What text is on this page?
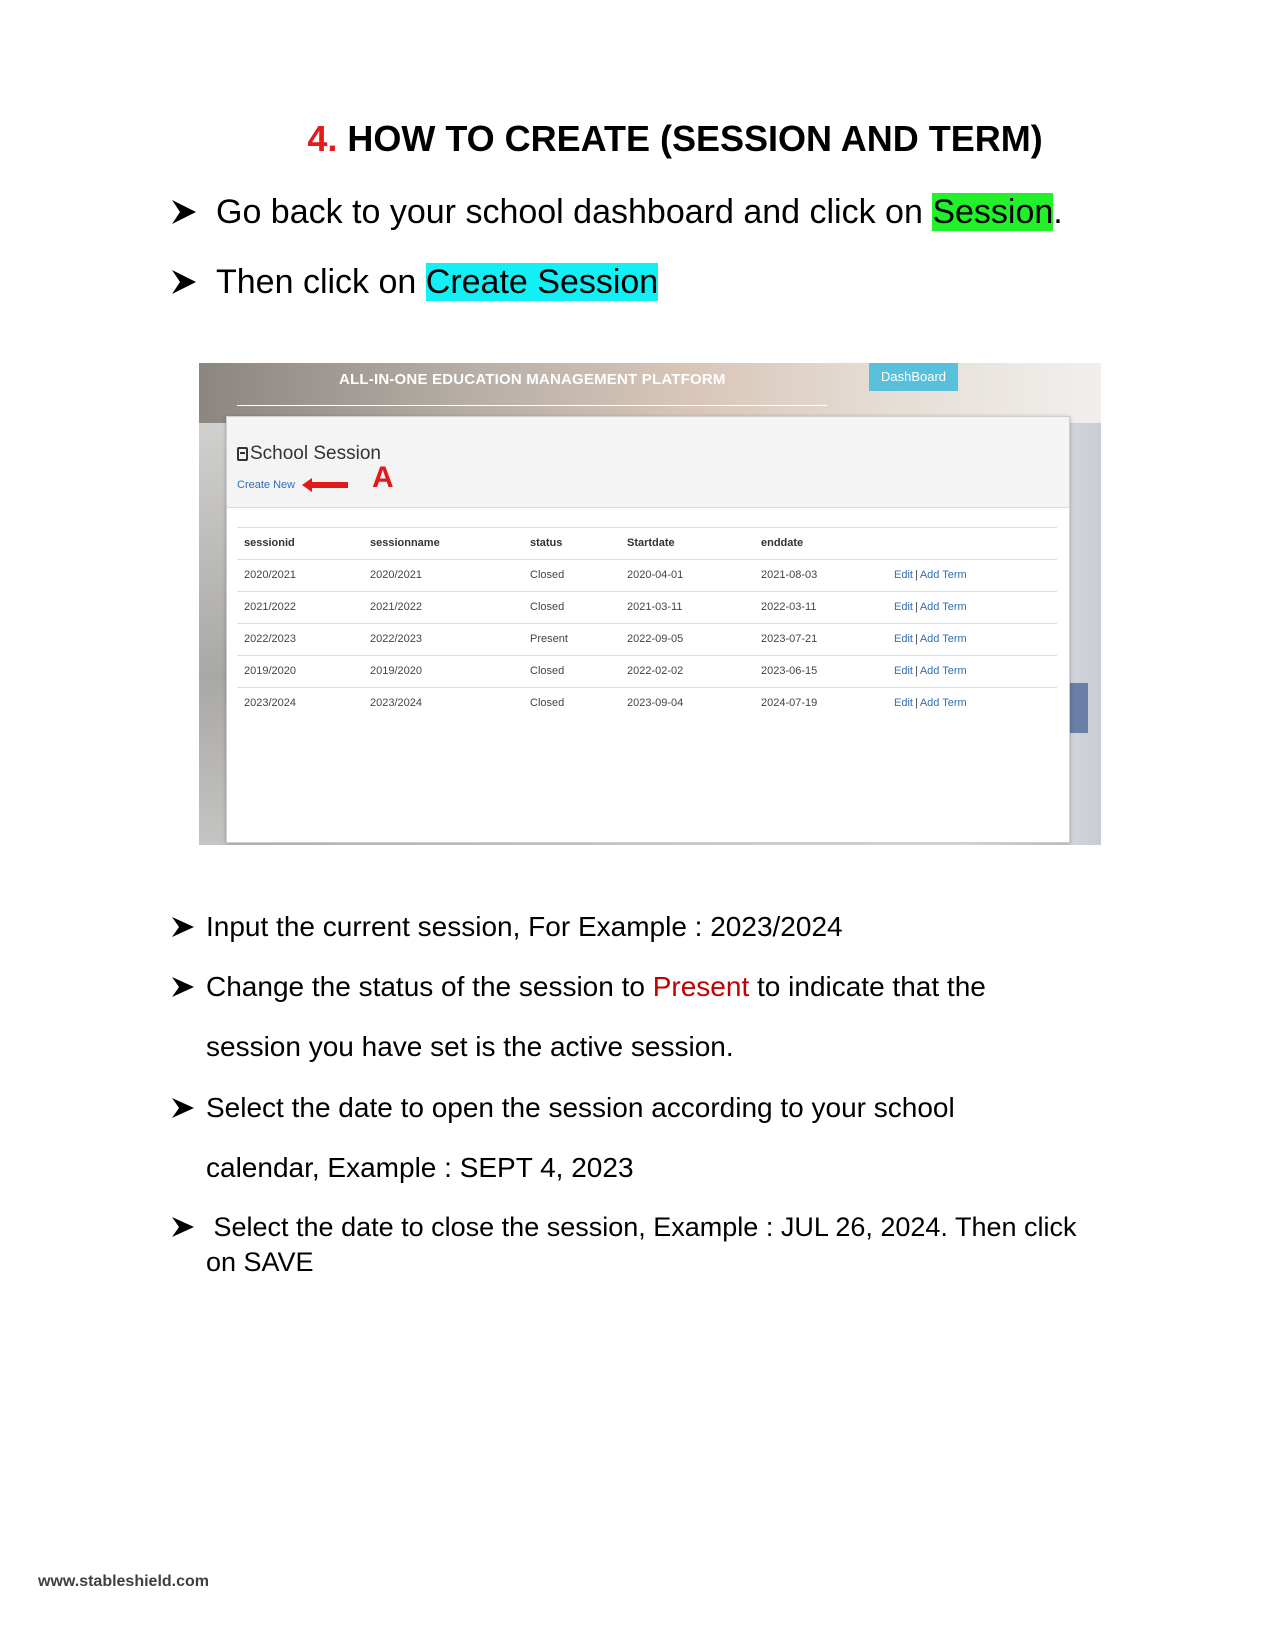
4. HOW TO CREATE (SESSION AND TERM)
Go back to your school dashboard and click on Session.
Then click on Create Session
ALL-IN-ONE EDUCATION MANAGEMENT PLATFORM	DashBoard
School Session
Create New	A
sessionid	sessionname	status	Startdate	enddate
2020/2021	2020/2021	Closed	2020-04-01	2021-08-03	Edit | Add Term
2021/2022	2021/2022	Closed	2021-03-11	2022-03-11	Edit | Add Term
2022/2023	2022/2023	Present	2022-09-05	2023-07-21	Edit | Add Term
2019/2020	2019/2020	Closed	2022-02-02	2023-06-15	Edit | Add Term
2023/2024	2023/2024	Closed	2023-09-04	2024-07-19	Edit | Add Term
Input the current session, For Example : 2023/2024
Change the status of the session to Present to indicate that the
session you have set is the active session.
Select the date to open the session according to your school
calendar, Example : SEPT 4, 2023
Select the date to close the session, Example : JUL 26, 2024. Then click
on SAVE
www.stableshield.com
